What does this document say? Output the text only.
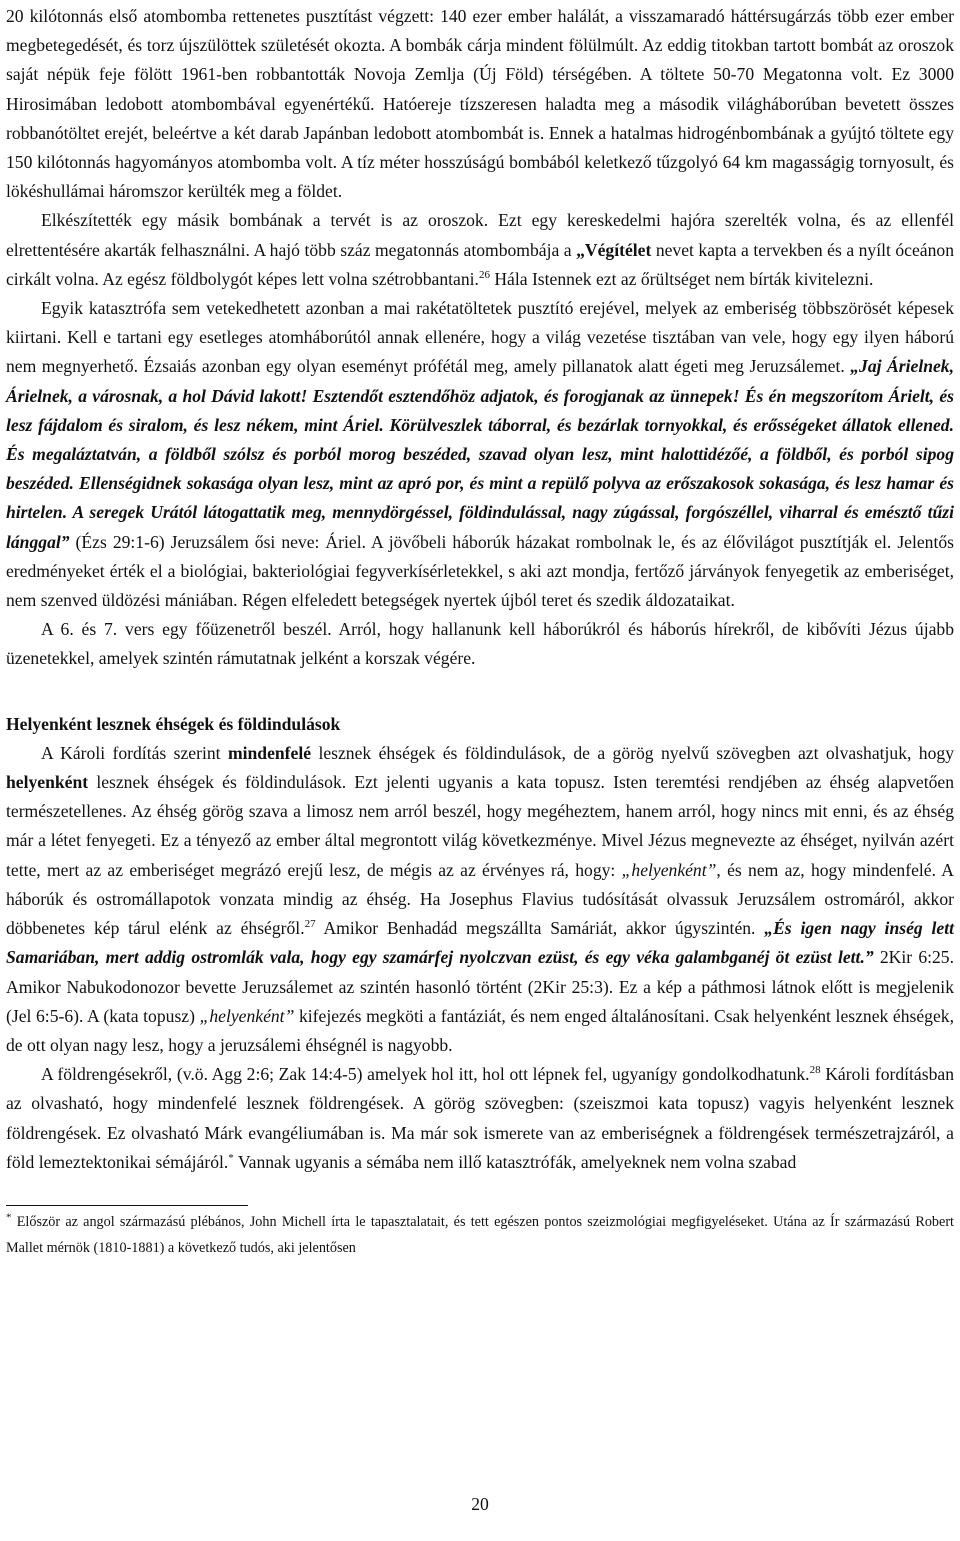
20 kilótonnás első atombomba rettenetes pusztítást végzett: 140 ezer ember halálát, a visszamaradó háttérsugárzás több ezer ember megbetegedését, és torz újszülöttek születését okozta. A bombák cárja mindent fölülmúlt. Az eddig titokban tartott bombát az oroszok saját népük feje fölött 1961-ben robbantották Novoja Zemlja (Új Föld) térségében. A töltete 50-70 Megatonna volt. Ez 3000 Hirosimában ledobott atombombával egyenértékű. Hatóereje tízszeresen haladta meg a második világháborúban bevetett összes robbanótöltet erejét, beleértve a két darab Japánban ledobott atombombát is. Ennek a hatalmas hidrogénbombának a gyújtó töltete egy 150 kilótonnás hagyományos atombomba volt. A tíz méter hosszúságú bombából keletkező tűzgolyó 64 km magasságig tornyosult, és lökéshullámai háromszor kerülték meg a földet.

Elkészítették egy másik bombának a tervét is az oroszok. Ezt egy kereskedelmi hajóra szerelték volna, és az ellenfél elrettentésére akarták felhasználni. A hajó több száz megatonnás atombombája a „Végítélet nevet kapta a tervekben és a nyílt óceánon cirkált volna. Az egész földbolygót képes lett volna szétrobbantani.$^{26}$ Hála Istennek ezt az őrültséget nem bírták kivitelezni.

Egyik katasztrófa sem vetekedhetett azonban a mai rakétatöltetek pusztító erejével, melyek az emberiség többszörösét képesek kiirtani. Kell e tartani egy esetleges atomháborútól annak ellenére, hogy a világ vezetése tisztában van vele, hogy egy ilyen háború nem megnyerhető. Ézsaiás azonban egy olyan eseményt prófétál meg, amely pillanatok alatt égeti meg Jeruzsálemet. „Jaj Árielnek, Árielnek, a városnak, a hol Dávid lakott! Esztendőt esztendőhöz adjatok, és forogjanak az ünnepek! És én megszorítom Árielt, és lesz fájdalom és siralom, és lesz nékem, mint Áriel. Körülveszlek táborral, és bezárlak tornyokkal, és erősségeket állatok ellened. És megaláztatván, a földből szólsz és porból morog beszéded, szavad olyan lesz, mint halottidézőé, a földből, és porból sipog beszéded. Ellenségidnek sokasága olyan lesz, mint az apró por, és mint a repülő polyva az erőszakosok sokasága, és lesz hamar és hirtelen. A seregek Urától látogattatik meg, mennydörgéssel, földindulással, nagy zúgással, forgószéllel, viharral és emésztő tűzi lánggal” (Ézs 29:1-6) Jeruzsálem ősi neve: Áriel. A jövőbeli háborúk házakat rombolnak le, és az élővilágot pusztítják el. Jelentős eredményeket érték el a biológiai, bakteriológiai fegyverkísérletekkel, s aki azt mondja, fertőző járványok fenyegetik az emberiséget, nem szenved üldözési mániában. Régen elfeledett betegségek nyertek újból teret és szedik áldozataikat.

A 6. és 7. vers egy főüzenetről beszél. Arról, hogy hallanunk kell háborúkról és háborús hírekről, de kibővíti Jézus újabb üzenetekkel, amelyek szintén rámutatnak jelként a korszak végére.

Helyenként lesznek éhségek és földindulások

A Károli fordítás szerint mindenfelé lesznek éhségek és földindulások, de a görög nyelvű szövegben azt olvashatjuk, hogy helyenként lesznek éhségek és földindulások. Ezt jelenti ugyanis a kata topusz. Isten teremtési rendjében az éhség alapvetően természetellenes. Az éhség görög szava a limosz nem arról beszél, hogy megéheztem, hanem arról, hogy nincs mit enni, és az éhség már a létet fenyegeti. Ez a tényező az ember által megrontott világ következménye. Mivel Jézus megnevezte az éhséget, nyilván azért tette, mert az az emberiséget megrázó erejű lesz, de mégis az az érvényes rá, hogy: „helyenként”, és nem az, hogy mindenfelé. A háborúk és ostromállapotok vonzata mindig az éhség. Ha Josephus Flavius tudósítását olvassuk Jeruzsálem ostromáról, akkor döbbenetes kép tárul elénk az éhségről.$^{27}$ Amikor Benhadád megszállta Samáriát, akkor úgyszintén. „És igen nagy inség lett Samariában, mert addig ostromlák vala, hogy egy szamárfej nyolczvan ezüst, és egy véka galambganéj öt ezüst lett.” 2Kir 6:25. Amikor Nabukodonozor bevette Jeruzsálemet az szintén hasonló történt (2Kir 25:3). Ez a kép a páthmosi látnok előtt is megjelenik (Jel 6:5-6). A (kata topusz) „helyenként” kifejezés megköti a fantáziát, és nem enged általánosítani. Csak helyenként lesznek éhségek, de ott olyan nagy lesz, hogy a jeruzsálemi éhségnél is nagyobb.

A földrengésekről, (v.ö. Agg 2:6; Zak 14:4-5) amelyek hol itt, hol ott lépnek fel, ugyanígy gondolkodhatunk.$^{28}$ Károli fordításban az olvasható, hogy mindenfelé lesznek földrengések. A görög szövegben: (szeiszmoi kata topusz) vagyis helyenként lesznek földrengések. Ez olvasható Márk evangéliumában is. Ma már sok ismerete van az emberiségnek a földrengések természetrajzáról, a föld lemeztektonikai sémájáról.* Vannak ugyanis a sémába nem illő katasztrófák, amelyeknek nem volna szabad

* Először az angol származású plébános, John Michell írta le tapasztalatait, és tett egészen pontos szeizmológiai megfigyeléseket. Utána az Ír származású Robert Mallet mérnök (1810-1881) a következő tudós, aki jelentősen

20
